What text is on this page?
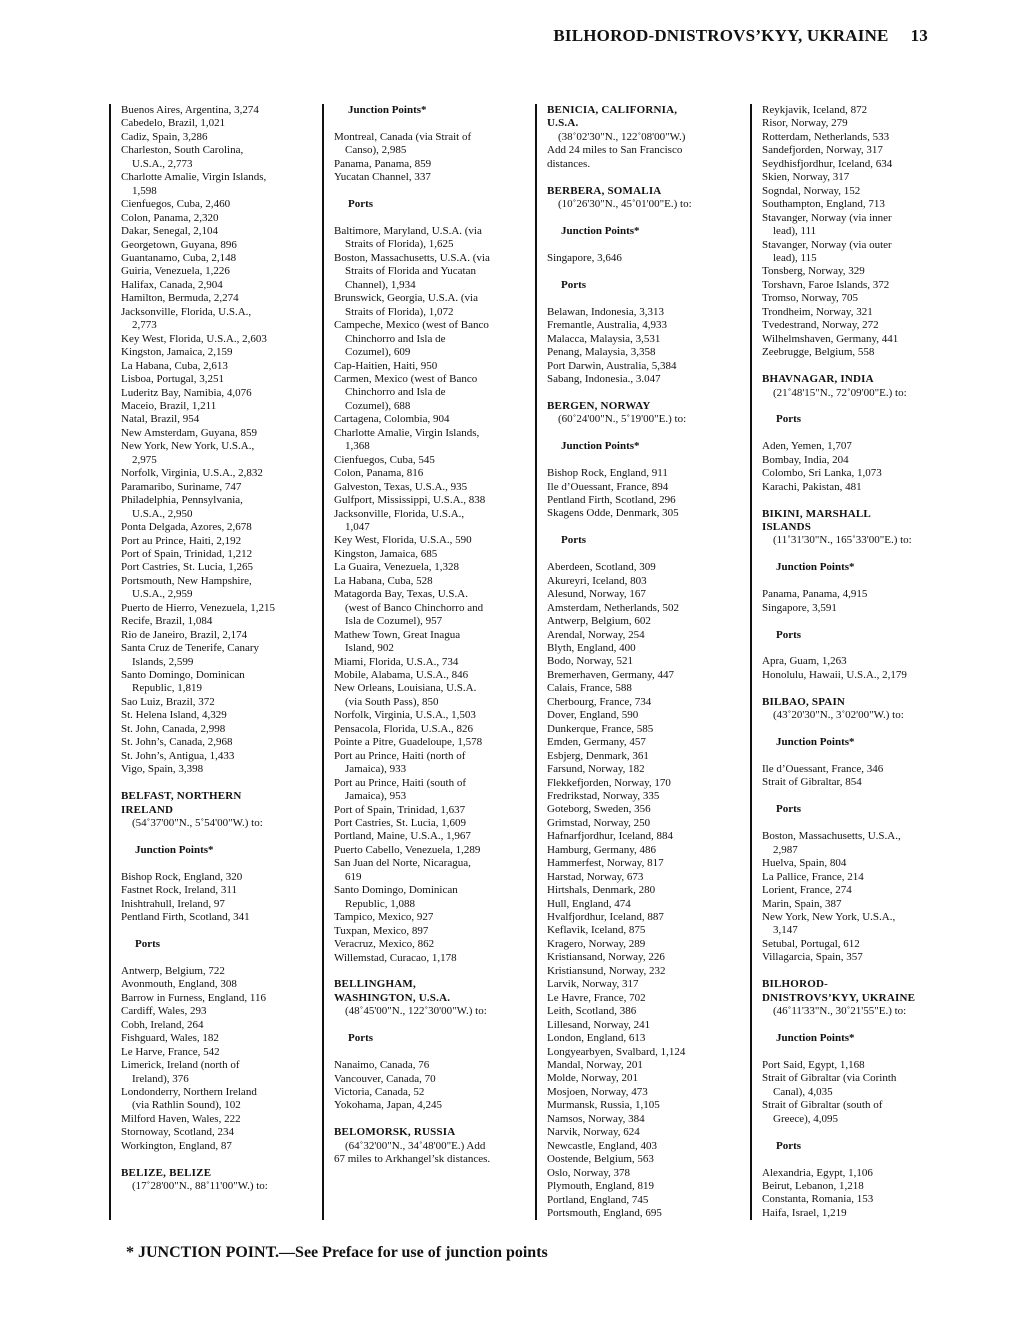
BILHOROD-DNISTROVS’KYY, UKRAINE 13
Buenos Aires, Argentina, 3,274
Cabedelo, Brazil, 1,021
Cadiz, Spain, 3,286
Charleston, South Carolina,
U.S.A., 2,773
Charlotte Amalie, Virgin Islands,
1,598
Cienfuegos, Cuba, 2,460
Colon, Panama, 2,320
Dakar, Senegal, 2,104
Georgetown, Guyana, 896
Guantanamo, Cuba, 2,148
Guiria, Venezuela, 1,226
Halifax, Canada, 2,904
Hamilton, Bermuda, 2,274
Jacksonville, Florida, U.S.A.,
2,773
Key West, Florida, U.S.A., 2,603
Kingston, Jamaica, 2,159
La Habana, Cuba, 2,613
Lisboa, Portugal, 3,251
Luderitz Bay, Namibia, 4,076
Maceio, Brazil, 1,211
Natal, Brazil, 954
New Amsterdam, Guyana, 859
New York, New York, U.S.A.,
2,975
Norfolk, Virginia, U.S.A., 2,832
Paramaribo, Suriname, 747
Philadelphia, Pennsylvania,
U.S.A., 2,950
Ponta Delgada, Azores, 2,678
Port au Prince, Haiti, 2,192
Port of Spain, Trinidad, 1,212
Port Castries, St. Lucia, 1,265
Portsmouth, New Hampshire,
U.S.A., 2,959
Puerto de Hierro, Venezuela, 1,215
Recife, Brazil, 1,084
Rio de Janeiro, Brazil, 2,174
Santa Cruz de Tenerife, Canary
Islands, 2,599
Santo Domingo, Dominican
Republic, 1,819
Sao Luiz, Brazil, 372
St. Helena Island, 4,329
St. John, Canada, 2,998
St. John’s, Canada, 2,968
St. John’s, Antigua, 1,433
Vigo, Spain, 3,398
BELFAST, NORTHERN
IRELAND
(54˚37'00"N., 5˚54'00"W.) to:
Junction Points*
Bishop Rock, England, 320
Fastnet Rock, Ireland, 311
Inishtrahull, Ireland, 97
Pentland Firth, Scotland, 341
Ports
Antwerp, Belgium, 722
Avonmouth, England, 308
Barrow in Furness, England, 116
Cardiff, Wales, 293
Cobh, Ireland, 264
Fishguard, Wales, 182
Le Harve, France, 542
Limerick, Ireland (north of
Ireland), 376
Londonderry, Northern Ireland
(via Rathlin Sound), 102
Milford Haven, Wales, 222
Stornoway, Scotland, 234
Workington, England, 87
BELIZE, BELIZE
(17˚28'00"N., 88˚11'00"W.) to:
Junction Points*
Montreal, Canada (via Strait of
Canso), 2,985
Panama, Panama, 859
Yucatan Channel, 337
Ports
Baltimore, Maryland, U.S.A. (via
Straits of Florida), 1,625
Boston, Massachusetts, U.S.A. (via
Straits of Florida and Yucatan
Channel), 1,934
Brunswick, Georgia, U.S.A. (via
Straits of Florida), 1,072
Campeche, Mexico (west of Banco
Chinchorro and Isla de
Cozumel), 609
Cap-Haitien, Haiti, 950
Carmen, Mexico (west of Banco
Chinchorro and Isla de
Cozumel), 688
Cartagena, Colombia, 904
Charlotte Amalie, Virgin Islands,
1,368
Cienfuegos, Cuba, 545
Colon, Panama, 816
Galveston, Texas, U.S.A., 935
Gulfport, Mississippi, U.S.A., 838
Jacksonville, Florida, U.S.A.,
1,047
Key West, Florida, U.S.A., 590
Kingston, Jamaica, 685
La Guaira, Venezuela, 1,328
La Habana, Cuba, 528
Matagorda Bay, Texas, U.S.A.
(west of Banco Chinchorro and
Isla de Cozumel), 957
Mathew Town, Great Inagua
Island, 902
Miami, Florida, U.S.A., 734
Mobile, Alabama, U.S.A., 846
New Orleans, Louisiana, U.S.A.
(via South Pass), 850
Norfolk, Virginia, U.S.A., 1,503
Pensacola, Florida, U.S.A., 826
Pointe a Pitre, Guadeloupe, 1,578
Port au Prince, Haiti (north of
Jamaica), 933
Port au Prince, Haiti (south of
Jamaica), 953
Port of Spain, Trinidad, 1,637
Port Castries, St. Lucia, 1,609
Portland, Maine, U.S.A., 1,967
Puerto Cabello, Venezuela, 1,289
San Juan del Norte, Nicaragua,
619
Santo Domingo, Dominican
Republic, 1,088
Tampico, Mexico, 927
Tuxpan, Mexico, 897
Veracruz, Mexico, 862
Willemstad, Curacao, 1,178
BELLINGHAM,
WASHINGTON, U.S.A.
(48˚45'00"N., 122˚30'00"W.) to:
Ports
Nanaimo, Canada, 76
Vancouver, Canada, 70
Victoria, Canada, 52
Yokohama, Japan, 4,245
BELOMORSK, RUSSIA
(64˚32'00"N., 34˚48'00"E.) Add
67 miles to Arkhangel’sk distances.
BENICIA, CALIFORNIA,
U.S.A.
(38˚02'30"N., 122˚08'00"W.)
Add 24 miles to San Francisco
distances.
BERBERA, SOMALIA
(10˚26'30"N., 45˚01'00"E.) to:
Junction Points*
Singapore, 3,646
Ports
Belawan, Indonesia, 3,313
Fremantle, Australia, 4,933
Malacca, Malaysia, 3,531
Penang, Malaysia, 3,358
Port Darwin, Australia, 5,384
Sabang, Indonesia., 3.047
BERGEN, NORWAY
(60˚24'00"N., 5˚19'00"E.) to:
Junction Points*
Bishop Rock, England, 911
Ile d’Ouessant, France, 894
Pentland Firth, Scotland, 296
Skagens Odde, Denmark, 305
Ports
Aberdeen, Scotland, 309
Akureyri, Iceland, 803
Alesund, Norway, 167
Amsterdam, Netherlands, 502
Antwerp, Belgium, 602
Arendal, Norway, 254
Blyth, England, 400
Bodo, Norway, 521
Bremerhaven, Germany, 447
Calais, France, 588
Cherbourg, France, 734
Dover, England, 590
Dunkerque, France, 585
Emden, Germany, 457
Esbjerg, Denmark, 361
Farsund, Norway, 182
Flekkefjorden, Norway, 170
Fredrikstad, Norway, 335
Goteborg, Sweden, 356
Grimstad, Norway, 250
Hafnarfjordhur, Iceland, 884
Hamburg, Germany, 486
Hammerfest, Norway, 817
Harstad, Norway, 673
Hirtshals, Denmark, 280
Hull, England, 474
Hvalfjordhur, Iceland, 887
Keflavik, Iceland, 875
Kragero, Norway, 289
Kristiansand, Norway, 226
Kristiansund, Norway, 232
Larvik, Norway, 317
Le Havre, France, 702
Leith, Scotland, 386
Lillesand, Norway, 241
London, England, 613
Longyearbyen, Svalbard, 1,124
Mandal, Norway, 201
Molde, Norway, 201
Mosjoen, Norway, 473
Murmansk, Russia, 1,105
Namsos, Norway, 384
Narvik, Norway, 624
Newcastle, England, 403
Oostende, Belgium, 563
Oslo, Norway, 378
Plymouth, England, 819
Portland, England, 745
Portsmouth, England, 695
Reykjavik, Iceland, 872
Risor, Norway, 279
Rotterdam, Netherlands, 533
Sandefjorden, Norway, 317
Seydhisfjordhur, Iceland, 634
Skien, Norway, 317
Sogndal, Norway, 152
Southampton, England, 713
Stavanger, Norway (via inner
lead), 111
Stavanger, Norway (via outer
lead), 115
Tonsberg, Norway, 329
Torshavn, Faroe Islands, 372
Tromso, Norway, 705
Trondheim, Norway, 321
Tvedestrand, Norway, 272
Wilhelmshaven, Germany, 441
Zeebrugge, Belgium, 558
BHAVNAGAR, INDIA
(21˚48'15"N., 72˚09'00"E.) to:
Ports
Aden, Yemen, 1,707
Bombay, India, 204
Colombo, Sri Lanka, 1,073
Karachi, Pakistan, 481
BIKINI, MARSHALL
ISLANDS
(11˚31'30"N., 165˚33'00"E.) to:
Junction Points*
Panama, Panama, 4,915
Singapore, 3,591
Ports
Apra, Guam, 1,263
Honolulu, Hawaii, U.S.A., 2,179
BILBAO, SPAIN
(43˚20'30"N., 3˚02'00"W.) to:
Junction Points*
Ile d’Ouessant, France, 346
Strait of Gibraltar, 854
Ports
Boston, Massachusetts, U.S.A.,
2,987
Huelva, Spain, 804
La Pallice, France, 214
Lorient, France, 274
Marin, Spain, 387
New York, New York, U.S.A.,
3,147
Setubal, Portugal, 612
Villagarcia, Spain, 357
BILHOROD-
DNISTROVS’KYY, UKRAINE
(46˚11'33"N., 30˚21'55"E.) to:
Junction Points*
Port Said, Egypt, 1,168
Strait of Gibraltar (via Corinth
Canal), 4,035
Strait of Gibraltar (south of
Greece), 4,095
Ports
Alexandria, Egypt, 1,106
Beirut, Lebanon, 1,218
Constanta, Romania, 153
Haifa, Israel, 1,219
* JUNCTION POINT.—See Preface for use of junction points
